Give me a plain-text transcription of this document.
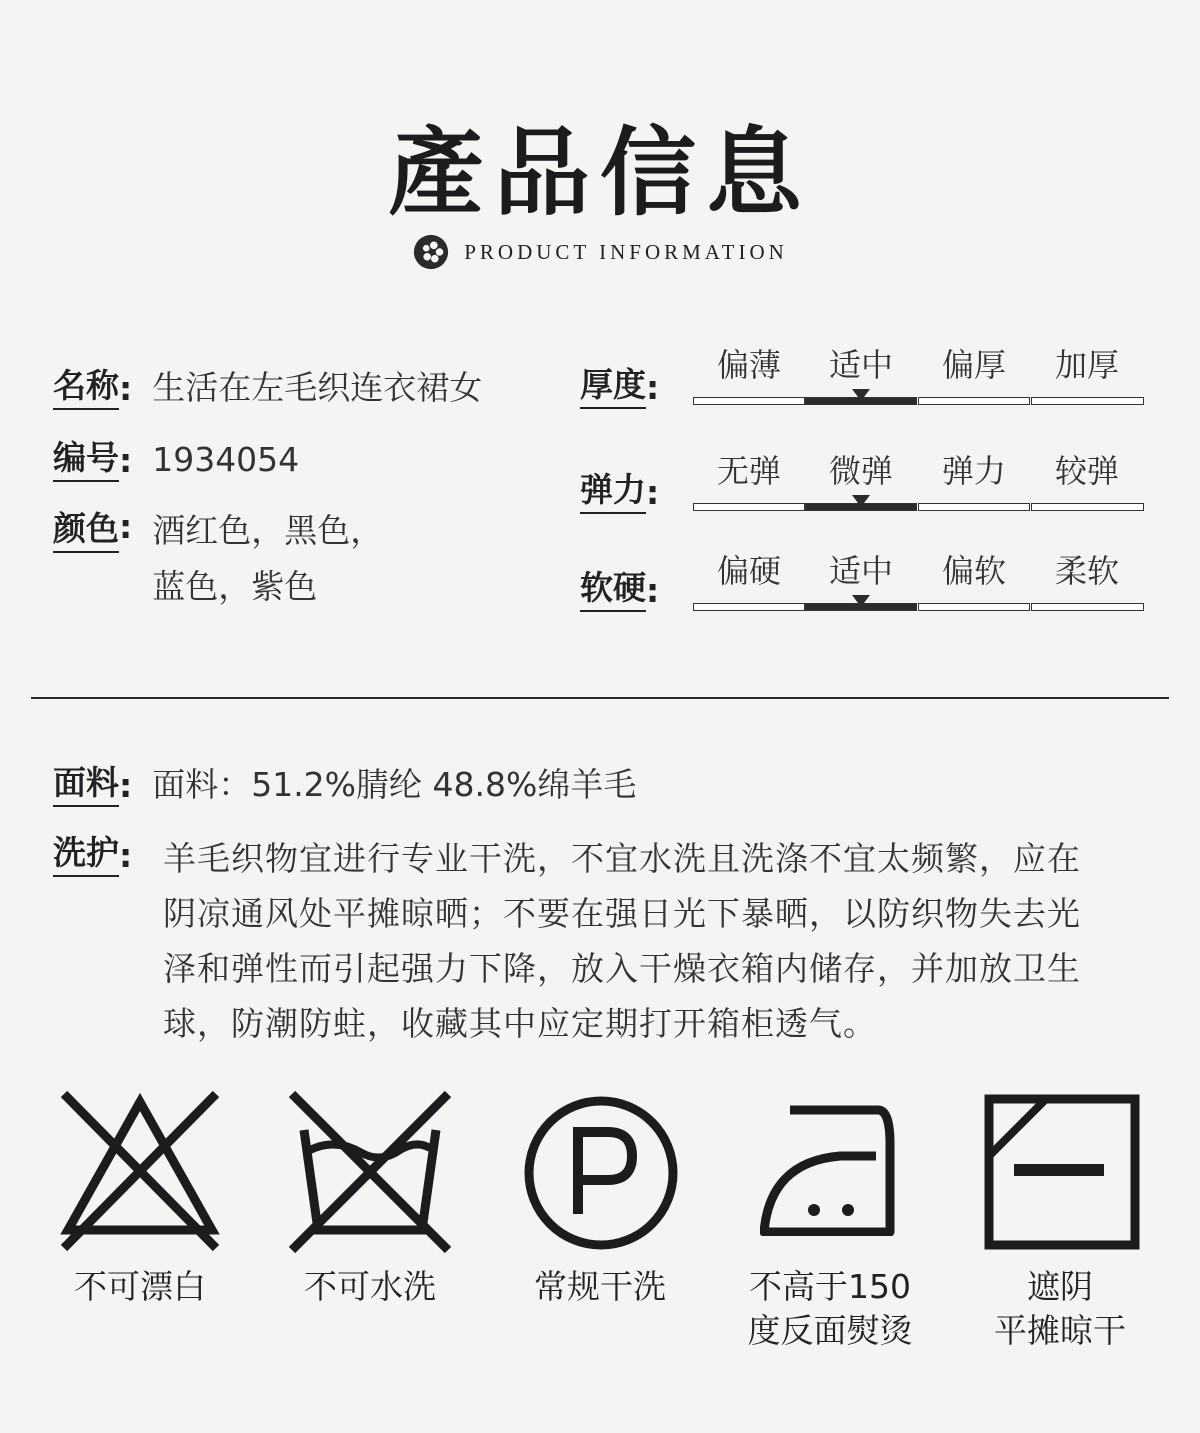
產品信息
PRODUCT INFORMATION
名称 : 生活在左毛织连衣裙女
编号 : 1934054
颜色 : 酒红色，黑色，
蓝色，紫色
厚度 :
偏薄	适中	偏厚	加厚
弹力 :
无弹	微弹	弹力	较弹
软硬 :	偏硬	适中	偏软	柔软
面料 : 面料：51.2%腈纶 48.8%绵羊毛
洗护 : 羊毛织物宜进行专业干洗，不宜水洗且洗涤不宜太频繁，应在
阴凉通风处平摊晾晒；不要在强日光下暴晒，以防织物失去光
泽和弹性而引起强力下降，放入干燥衣箱内储存，并加放卫生
球，防潮防蛀，收藏其中应定期打开箱柜透气。
不可漂白	不可水洗	常规干洗	不高于150
度反面熨烫
遮阴
平摊晾干
